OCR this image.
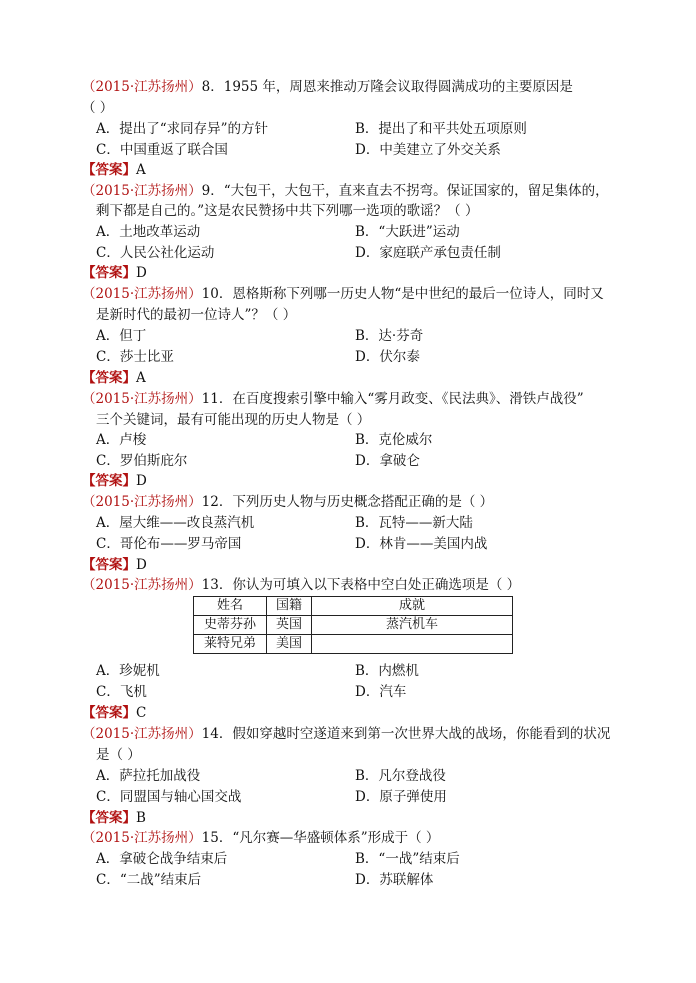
（2015·江苏扬州）8．1955 年，周恩来推动万隆会议取得圆满成功的主要原因是
（ ）
A．提出了“求同存异”的方针	B．提出了和平共处五项原则
C．中国重返了联合国	D．中美建立了外交关系
【答案】A
（2015·江苏扬州）9．“大包干，大包干，直来直去不拐弯。保证国家的，留足集体的，
剩下都是自己的。”这是农民赞扬中共下列哪一选项的歌谣？（ ）
A．土地改革运动	B．“大跃进”运动
C．人民公社化运动	D．家庭联产承包责任制
【答案】D
（2015·江苏扬州）10．恩格斯称下列哪一历史人物“是中世纪的最后一位诗人，同时又
是新时代的最初一位诗人”？（ ）
A．但丁	B．达·芬奇
C．莎士比亚	D．伏尔泰
【答案】A
（2015·江苏扬州）11．在百度搜索引擎中输入“雾月政变、《民法典》、滑铁卢战役”
三个关键词，最有可能出现的历史人物是（ ）
A．卢梭	B．克伦威尔
C．罗伯斯庇尔	D．拿破仑
【答案】D
（2015·江苏扬州）12．下列历史人物与历史概念搭配正确的是（ ）
A．屋大维——改良蒸汽机	B．瓦特——新大陆
C．哥伦布——罗马帝国	D．林肯——美国内战
【答案】D
（2015·江苏扬州）13．你认为可填入以下表格中空白处正确选项是（ ）
姓名	国籍	成就
史蒂芬孙	英国	蒸汽机车
莱特兄弟	美国	
A．珍妮机	B．内燃机
C．飞机	D．汽车
【答案】C
（2015·江苏扬州）14．假如穿越时空遂道来到第一次世界大战的战场，你能看到的状况
是（ ）
A．萨拉托加战役	B．凡尔登战役
C．同盟国与轴心国交战	D．原子弹使用
【答案】B
（2015·江苏扬州）15．“凡尔赛—华盛顿体系”形成于（ ）
A．拿破仑战争结束后	B．“一战”结束后
C．“二战”结束后	D．苏联解体
